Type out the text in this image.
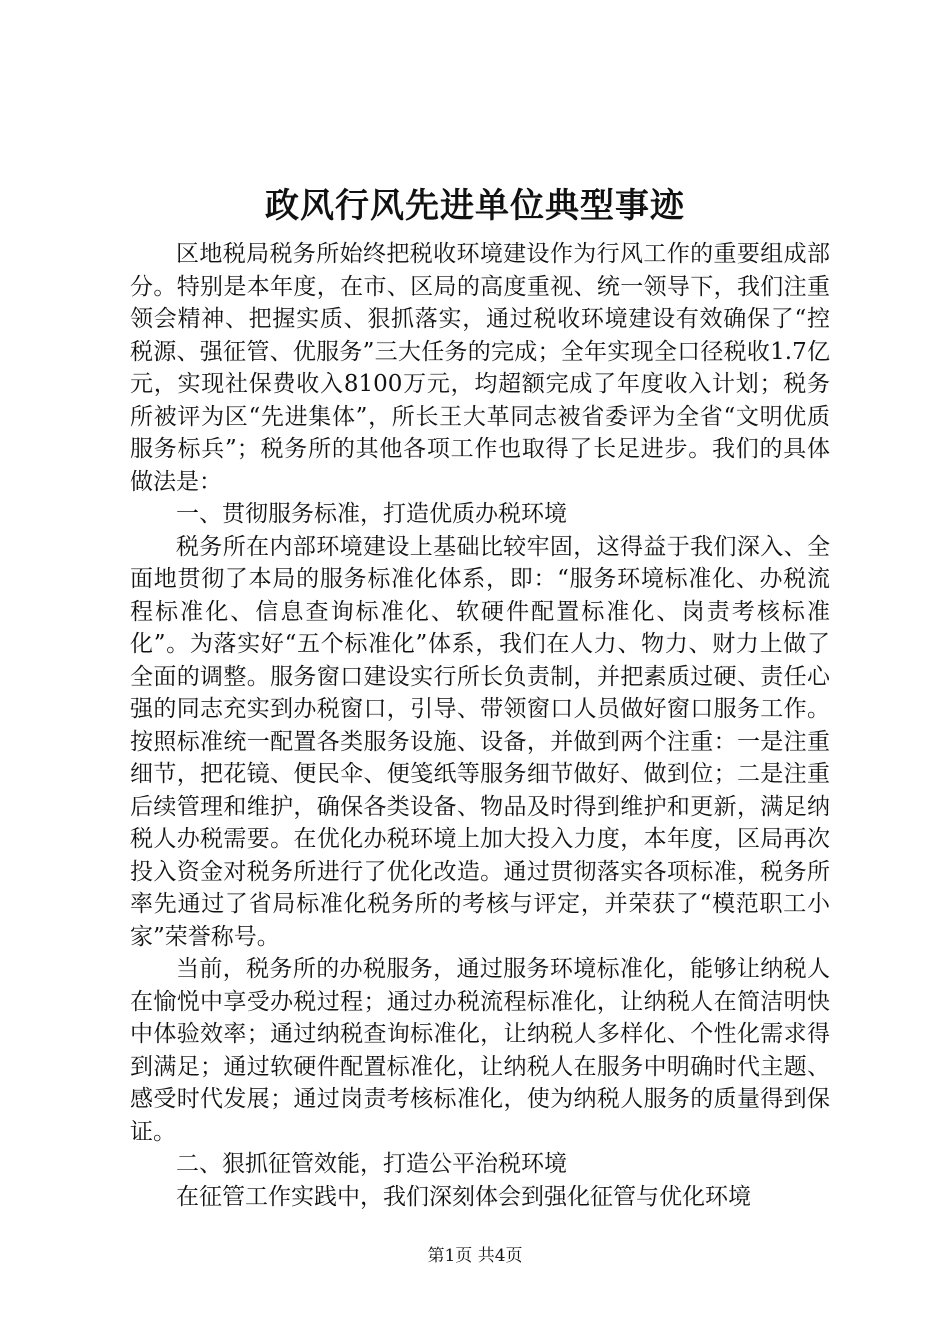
政风行风先进单位典型事迹

区地税局税务所始终把税收环境建设作为行风工作的重要组成部分。特别是本年度，在市、区局的高度重视、统一领导下，我们注重领会精神、把握实质、狠抓落实，通过税收环境建设有效确保了“控税源、强征管、优服务”三大任务的完成；全年实现全口径税收1.7亿元，实现社保费收入8100万元，均超额完成了年度收入计划；税务所被评为区“先进集体”，所长王大革同志被省委评为全省“文明优质服务标兵”；税务所的其他各项工作也取得了长足进步。我们的具体做法是：

一、贯彻服务标准，打造优质办税环境

税务所在内部环境建设上基础比较牢固，这得益于我们深入、全面地贯彻了本局的服务标准化体系，即：“服务环境标准化、办税流程标准化、信息查询标准化、软硬件配置标准化、岗责考核标准化”。为落实好“五个标准化”体系，我们在人力、物力、财力上做了全面的调整。服务窗口建设实行所长负责制，并把素质过硬、责任心强的同志充实到办税窗口，引导、带领窗口人员做好窗口服务工作。按照标准统一配置各类服务设施、设备，并做到两个注重：一是注重细节，把花镜、便民伞、便笺纸等服务细节做好、做到位；二是注重后续管理和维护，确保各类设备、物品及时得到维护和更新，满足纳税人办税需要。在优化办税环境上加大投入力度，本年度，区局再次投入资金对税务所进行了优化改造。通过贯彻落实各项标准，税务所率先通过了省局标准化税务所的考核与评定，并荣获了“模范职工小家”荣誉称号。

当前，税务所的办税服务，通过服务环境标准化，能够让纳税人在愉悦中享受办税过程；通过办税流程标准化，让纳税人在简洁明快中体验效率；通过纳税查询标准化，让纳税人多样化、个性化需求得到满足；通过软硬件配置标准化，让纳税人在服务中明确时代主题、感受时代发展；通过岗责考核标准化，使为纳税人服务的质量得到保证。

二、狠抓征管效能，打造公平治税环境

在征管工作实践中，我们深刻体会到强化征管与优化环境

第1页 共4页
